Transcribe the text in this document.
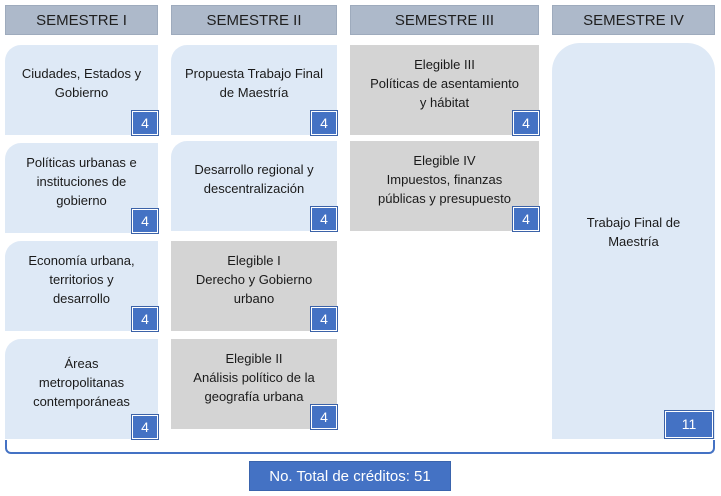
SEMESTRE I	SEMESTRE II	SEMESTRE III	SEMESTRE IV
Ciudades, Estados y
Gobierno
4
Políticas urbanas e
instituciones de
gobierno
4
Economía urbana,
territorios y
desarrollo
4
Áreas
metropolitanas
contemporáneas
4
Propuesta Trabajo Final
de Maestría
4
Desarrollo regional y
descentralización
4
Elegible I
Derecho y Gobierno
urbano
4
Elegible II
Análisis político de la
geografía urbana
4
Elegible III
Políticas de asentamiento
y hábitat
4
Elegible IV
Impuestos, finanzas
públicas y presupuesto
4	Trabajo Final de
Maestría
11
No. Total de créditos: 51
